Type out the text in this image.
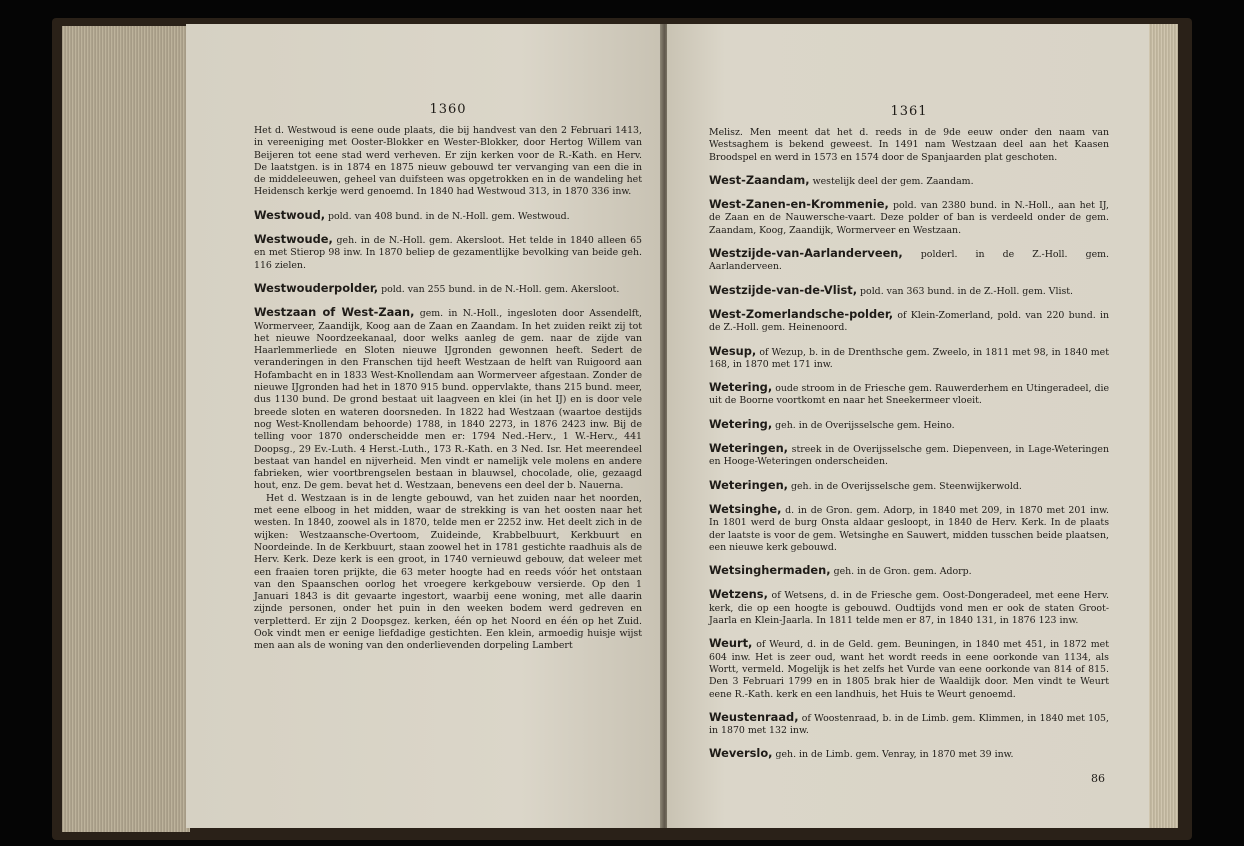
1360

Het d. Westwoud is eene oude plaats, die bij handvest van den 2 Februari 1413, in vereeniging met Ooster-Blokker en Wester-Blokker, door Hertog Willem van Beijeren tot eene stad werd verheven. Er zijn kerken voor de R.-Kath. en Herv. De laatstgen. is in 1874 en 1875 nieuw gebouwd ter vervanging van een die in de middeleeuwen, geheel van duifsteen was opgetrokken en in de wandeling het Heidensch kerkje werd genoemd. In 1840 had Westwoud 313, in 1870 336 inw.

Westwoud, pold. van 408 bund. in de N.-Holl. gem. Westwoud.

Westwoude, geh. in de N.-Holl. gem. Akersloot. Het telde in 1840 alleen 65 en met Stierop 98 inw. In 1870 beliep de gezamentlijke bevolking van beide geh. 116 zielen.

Westwouderpolder, pold. van 255 bund. in de N.-Holl. gem. Akersloot.

Westzaan of West-Zaan, gem. in N.-Holl., ingesloten door Assendelft, Wormerveer, Zaandijk, Koog aan de Zaan en Zaandam. In het zuiden reikt zij tot het nieuwe Noordzeekanaal, door welks aanleg de gem. naar de zijde van Haarlemmerliede en Sloten nieuwe IJgronden gewonnen heeft. Sedert de veranderingen in den Franschen tijd heeft Westzaan de helft van Ruigoord aan Hofambacht en in 1833 West-Knollendam aan Wormerveer afgestaan. Zonder de nieuwe IJgronden had het in 1870 915 bund. oppervlakte, thans 215 bund. meer, dus 1130 bund. De grond bestaat uit laagveen en klei (in het IJ) en is door vele breede sloten en wateren doorsneden. In 1822 had Westzaan (waartoe destijds nog West-Knollendam behoorde) 1788, in 1840 2273, in 1876 2423 inw. Bij de telling voor 1870 onderscheidde men er: 1794 Ned.-Herv., 1 W.-Herv., 441 Doopsg., 29 Ev.-Luth. 4 Herst.-Luth., 173 R.-Kath. en 3 Ned. Isr. Het meerendeel bestaat van handel en nijverheid. Men vindt er namelijk vele molens en andere fabrieken, wier voortbrengselen bestaan in blauwsel, chocolade, olie, gezaagd hout, enz. De gem. bevat het d. Westzaan, benevens een deel der b. Nauerna.

Het d. Westzaan is in de lengte gebouwd, van het zuiden naar het noorden, met eene elboog in het midden, waar de strekking is van het oosten naar het westen. In 1840, zoowel als in 1870, telde men er 2252 inw. Het deelt zich in de wijken: Westzaansche-Overtoom, Zuideinde, Krabbelbuurt, Kerkbuurt en Noordeinde. In de Kerkbuurt, staan zoowel het in 1781 gestichte raadhuis als de Herv. Kerk. Deze kerk is een groot, in 1740 vernieuwd gebouw, dat weleer met een fraaien toren prijkte, die 63 meter hoogte had en reeds vóór het ontstaan van den Spaanschen oorlog het vroegere kerkgebouw versierde. Op den 1 Januari 1843 is dit gevaarte ingestort, waarbij eene woning, met alle daarin zijnde personen, onder het puin in den weeken bodem werd gedreven en verpletterd. Er zijn 2 Doopsgez. kerken, één op het Noord en één op het Zuid. Ook vindt men er eenige liefdadige gestichten. Een klein, armoedig huisje wijst men aan als de woning van den onderlievenden dorpeling Lambert

1361

Melisz. Men meent dat het d. reeds in de 9de eeuw onder den naam van Westsaghem is bekend geweest. In 1491 nam Westzaan deel aan het Kaasen Broodspel en werd in 1573 en 1574 door de Spanjaarden plat geschoten.

West-Zaandam, westelijk deel der gem. Zaandam.

West-Zanen-en-Krommenie, pold. van 2380 bund. in N.-Holl., aan het IJ, de Zaan en de Nauwersche-vaart. Deze polder of ban is verdeeld onder de gem. Zaandam, Koog, Zaandijk, Wormerveer en Westzaan.

Westzijde-van-Aarlanderveen, polderl. in de Z.-Holl. gem. Aarlanderveen.

Westzijde-van-de-Vlist, pold. van 363 bund. in de Z.-Holl. gem. Vlist.

West-Zomerlandsche-polder, of Klein-Zomerland, pold. van 220 bund. in de Z.-Holl. gem. Heinenoord.

Wesup, of Wezup, b. in de Drenthsche gem. Zweelo, in 1811 met 98, in 1840 met 168, in 1870 met 171 inw.

Wetering, oude stroom in de Friesche gem. Rauwerderhem en Utingeradeel, die uit de Boorne voortkomt en naar het Sneekermeer vloeit.

Wetering, geh. in de Overijsselsche gem. Heino.

Weteringen, streek in de Overijsselsche gem. Diepenveen, in Lage-Weteringen en Hooge-Weteringen onderscheiden.

Weteringen, geh. in de Overijsselsche gem. Steenwijkerwold.

Wetsinghe, d. in de Gron. gem. Adorp, in 1840 met 209, in 1870 met 201 inw. In 1801 werd de burg Onsta aldaar gesloopt, in 1840 de Herv. Kerk. In de plaats der laatste is voor de gem. Wetsinghe en Sauwert, midden tusschen beide plaatsen, een nieuwe kerk gebouwd.

Wetsinghermaden, geh. in de Gron. gem. Adorp.

Wetzens, of Wetsens, d. in de Friesche gem. Oost-Dongeradeel, met eene Herv. kerk, die op een hoogte is gebouwd. Oudtijds vond men er ook de staten Groot-Jaarla en Klein-Jaarla. In 1811 telde men er 87, in 1840 131, in 1876 123 inw.

Weurt, of Weurd, d. in de Geld. gem. Beuningen, in 1840 met 451, in 1872 met 604 inw. Het is zeer oud, want het wordt reeds in eene oorkonde van 1134, als Wortt, vermeld. Mogelijk is het zelfs het Vurde van eene oorkonde van 814 of 815. Den 3 Februari 1799 en in 1805 brak hier de Waaldijk door. Men vindt te Weurt eene R.-Kath. kerk en een landhuis, het Huis te Weurt genoemd.

Weustenraad, of Woostenraad, b. in de Limb. gem. Klimmen, in 1840 met 105, in 1870 met 132 inw.

Weverslo, geh. in de Limb. gem. Venray, in 1870 met 39 inw.

86
